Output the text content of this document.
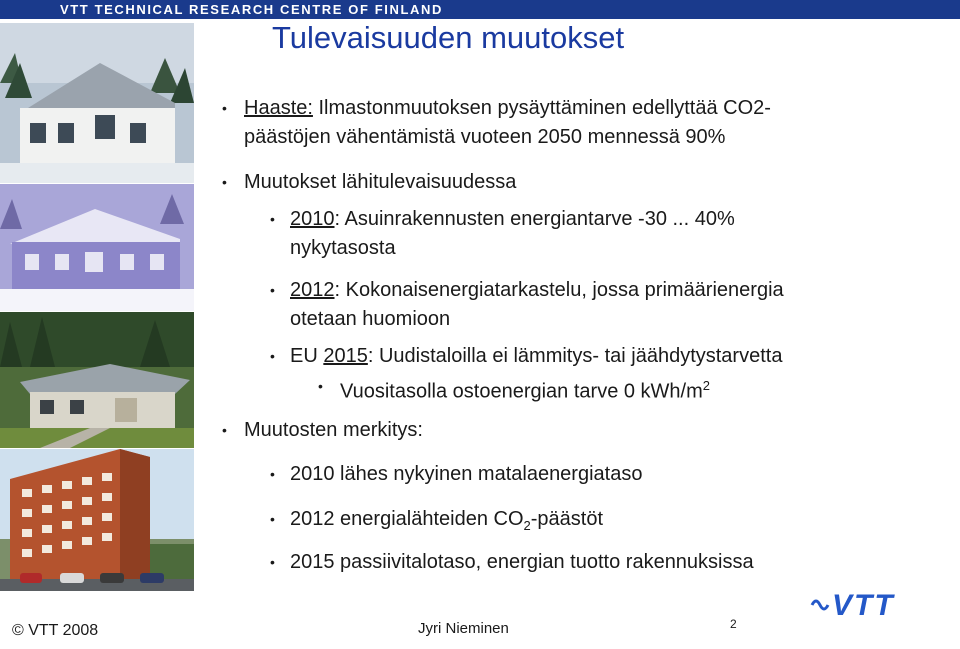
VTT TECHNICAL RESEARCH CENTRE OF FINLAND
Tulevaisuuden muutokset
• Haaste: Ilmastonmuutoksen pysäyttäminen edellyttää CO2-
päästöjen vähentämistä vuoteen 2050 mennessä 90%
• Muutokset lähitulevaisuudessa
• 2010: Asuinrakennusten energiantarve -30 ... 40%
nykytasosta
• 2012: Kokonaisenergiatarkastelu, jossa primäärienergia
otetaan huomioon
• EU 2015: Uudistaloilla ei lämmitys- tai jäähdytystarvetta
• Vuositasolla ostoenergian tarve 0 kWh/$m^2$
• Muutosten merkitys:
• 2010 lähes nykyinen matalaenergiataso
• 2012 energialähteiden $CO_2$-päästöt
• 2015 passiivitalotaso, energian tuotto rakennuksissa
© VTT 2008	Jyri Nieminen	2
VTT
